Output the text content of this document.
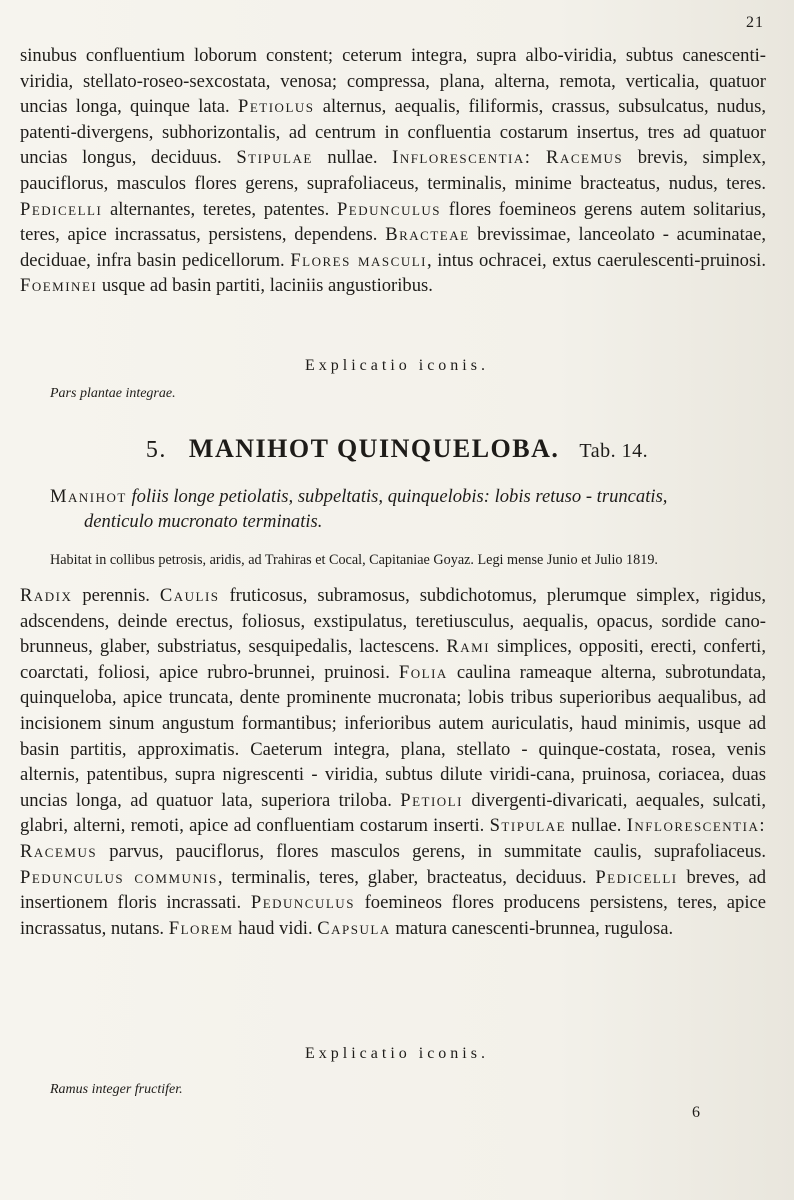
21
sinubus confluentium loborum constent; ceterum integra, supra albo-viridia, subtus canescenti-viridia, stellato-roseo-sexcostata, venosa; compressa, plana, alterna, remota, verticalia, quatuor uncias longa, quinque lata. Petiolus alternus, aequalis, filiformis, crassus, subsulcatus, nudus, patenti-divergens, subhorizontalis, ad centrum in confluentia costarum insertus, tres ad quatuor uncias longus, deciduus. Stipulae nullae. Inflorescentia: Racemus brevis, simplex, pauciflorus, masculos flores gerens, suprafoliaceus, terminalis, minime bracteatus, nudus, teres. Pedicelli alternantes, teretes, patentes. Pedunculus flores foemineos gerens autem solitarius, teres, apice incrassatus, persistens, dependens. Bracteae brevissimae, lanceolato - acuminatae, deciduae, infra basin pedicellorum. Flores masculi, intus ochracei, extus caerulescenti-pruinosi. Foeminei usque ad basin partiti, laciniis angustioribus.
Explicatio iconis.
Pars plantae integrae.
5. MANIHOT QUINQUELOBA. Tab. 14.
Manihot foliis longe petiolatis, subpeltatis, quinquelobis: lobis retuso - truncatis,
denticulo mucronato terminatis.
Habitat in collibus petrosis, aridis, ad Trahiras et Cocal, Capitaniae Goyaz. Legi mense Junio et Julio 1819.
Radix perennis. Caulis fruticosus, subramosus, subdichotomus, plerumque simplex, rigidus, adscendens, deinde erectus, foliosus, exstipulatus, teretiusculus, aequalis, opacus, sordide cano-brunneus, glaber, substriatus, sesquipedalis, lactescens. Rami simplices, oppositi, erecti, conferti, coarctati, foliosi, apice rubro-brunnei, pruinosi. Folia caulina rameaque alterna, subrotundata, quinqueloba, apice truncata, dente prominente mucronata; lobis tribus superioribus aequalibus, ad incisionem sinum angustum formantibus; inferioribus autem auriculatis, haud minimis, usque ad basin partitis, approximatis. Caeterum integra, plana, stellato - quinque-costata, rosea, venis alternis, patentibus, supra nigrescenti - viridia, subtus dilute viridi-cana, pruinosa, coriacea, duas uncias longa, ad quatuor lata, superiora triloba. Petioli divergenti-divaricati, aequales, sulcati, glabri, alterni, remoti, apice ad confluentiam costarum inserti. Stipulae nullae. Inflorescentia: Racemus parvus, pauciflorus, flores masculos gerens, in summitate caulis, suprafoliaceus. Pedunculus communis, terminalis, teres, glaber, bracteatus, deciduus. Pedicelli breves, ad insertionem floris incrassati. Pedunculus foemineos flores producens persistens, teres, apice incrassatus, nutans. Florem haud vidi. Capsula matura canescenti-brunnea, rugulosa.
Explicatio iconis.
Ramus integer fructifer.
6
